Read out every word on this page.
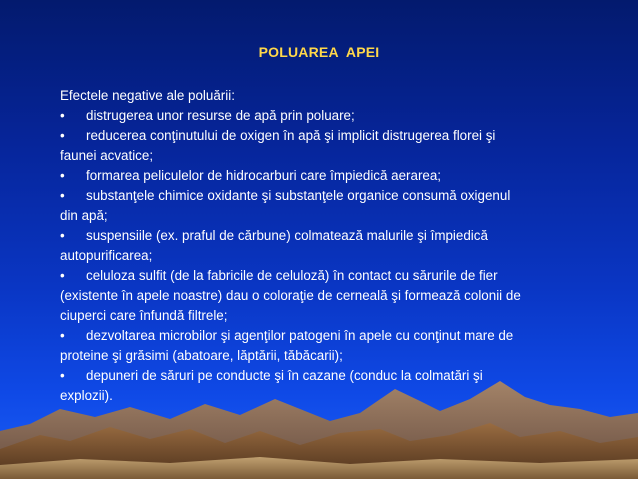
POLUAREA  APEI
Efectele negative ale poluării:
• distrugerea unor resurse de apă prin poluare;
• reducerea conţinutului de oxigen în apă şi implicit distrugerea florei şi
faunei acvatice;
• formarea peliculelor de hidrocarburi care împiedică aerarea;
• substanţele chimice oxidante şi substanţele organice consumă oxigenul
din apă;
• suspensiile (ex. praful de cărbune) colmatează malurile şi împiedică
autopurificarea;
• celuloza sulfit (de la fabricile de celuloză) în contact cu sărurile de fier
(existente în apele noastre) dau o coloraţie de cerneală şi formează colonii de
ciuperci care înfundă filtrele;
• dezvoltarea microbilor şi agenţilor patogeni în apele cu conţinut mare de
proteine şi grăsimi (abatoare, lăptării, tăbăcarii);
• depuneri de săruri pe conducte şi în cazane (conduc la colmatări şi
explozii).
